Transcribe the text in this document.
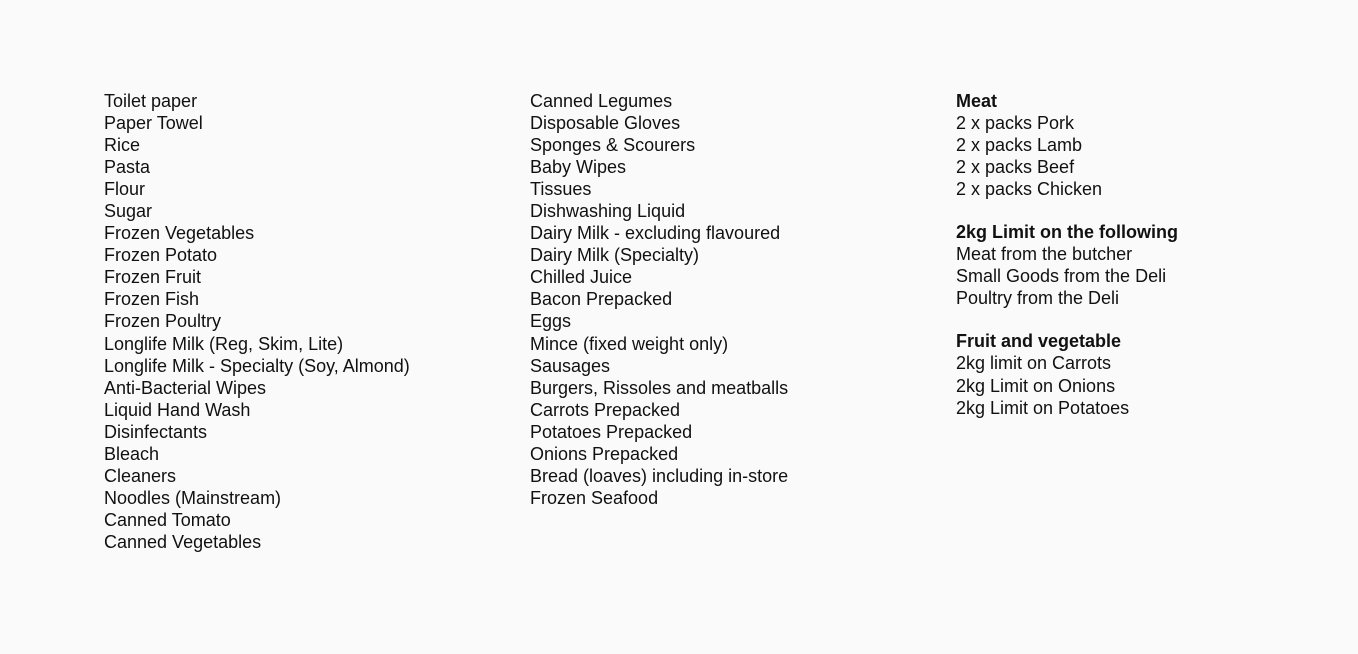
Toilet paper
Paper Towel
Rice
Pasta
Flour
Sugar
Frozen Vegetables
Frozen Potato
Frozen Fruit
Frozen Fish
Frozen Poultry
Longlife Milk (Reg, Skim, Lite)
Longlife Milk - Specialty (Soy, Almond)
Anti-Bacterial Wipes
Liquid Hand Wash
Disinfectants
Bleach
Cleaners
Noodles (Mainstream)
Canned Tomato
Canned Vegetables
Canned Legumes
Disposable Gloves
Sponges & Scourers
Baby Wipes
Tissues
Dishwashing Liquid
Dairy Milk - excluding flavoured
Dairy Milk (Specialty)
Chilled Juice
Bacon Prepacked
Eggs
Mince (fixed weight only)
Sausages
Burgers, Rissoles and meatballs
Carrots Prepacked
Potatoes Prepacked
Onions Prepacked
Bread (loaves) including in-store
Frozen Seafood
Meat
2 x packs Pork
2 x packs Lamb
2 x packs Beef
2 x packs Chicken
2kg Limit on the following
Meat from the butcher
Small Goods from the Deli
Poultry from the Deli
Fruit and vegetable
2kg limit on Carrots
2kg Limit on Onions
2kg Limit on Potatoes
